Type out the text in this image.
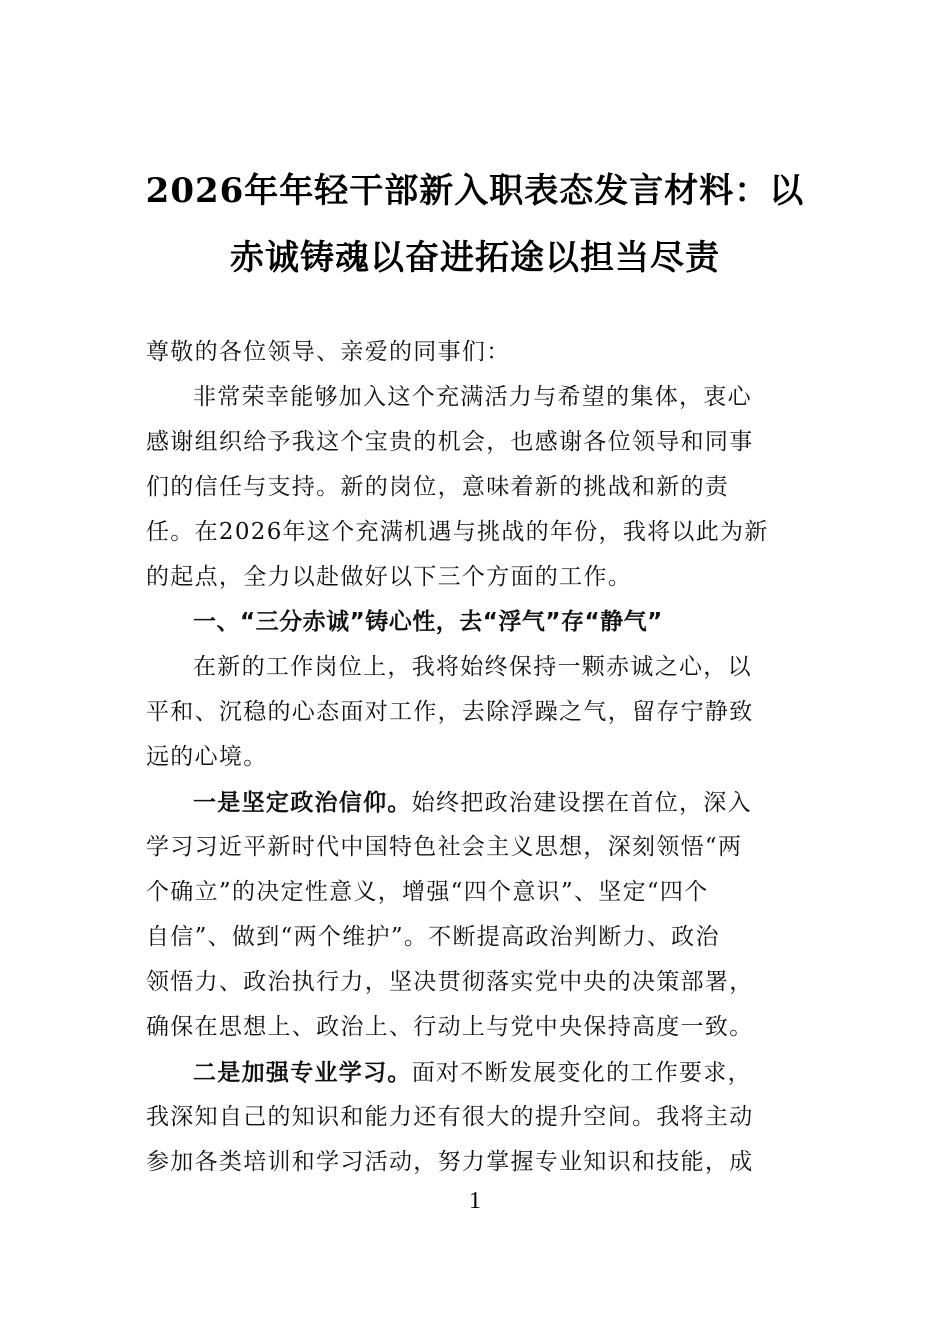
2026年年轻干部新入职表态发言材料：以
赤诚铸魂以奋进拓途以担当尽责
尊敬的各位领导、亲爱的同事们：
非常荣幸能够加入这个充满活力与希望的集体，衷心
感谢组织给予我这个宝贵的机会，也感谢各位领导和同事
们的信任与支持。新的岗位，意味着新的挑战和新的责
任。在2026年这个充满机遇与挑战的年份，我将以此为新
的起点，全力以赴做好以下三个方面的工作。
一、“三分赤诚”铸心性，去“浮气”存“静气”
在新的工作岗位上，我将始终保持一颗赤诚之心，以
平和、沉稳的心态面对工作，去除浮躁之气，留存宁静致
远的心境。
一是坚定政治信仰。始终把政治建设摆在首位，深入
学习习近平新时代中国特色社会主义思想，深刻领悟“两
个确立”的决定性意义，增强“四个意识”、坚定“四个
自信”、做到“两个维护”。不断提高政治判断力、政治
领悟力、政治执行力，坚决贯彻落实党中央的决策部署，
确保在思想上、政治上、行动上与党中央保持高度一致。
二是加强专业学习。面对不断发展变化的工作要求，
我深知自己的知识和能力还有很大的提升空间。我将主动
参加各类培训和学习活动，努力掌握专业知识和技能，成
1
